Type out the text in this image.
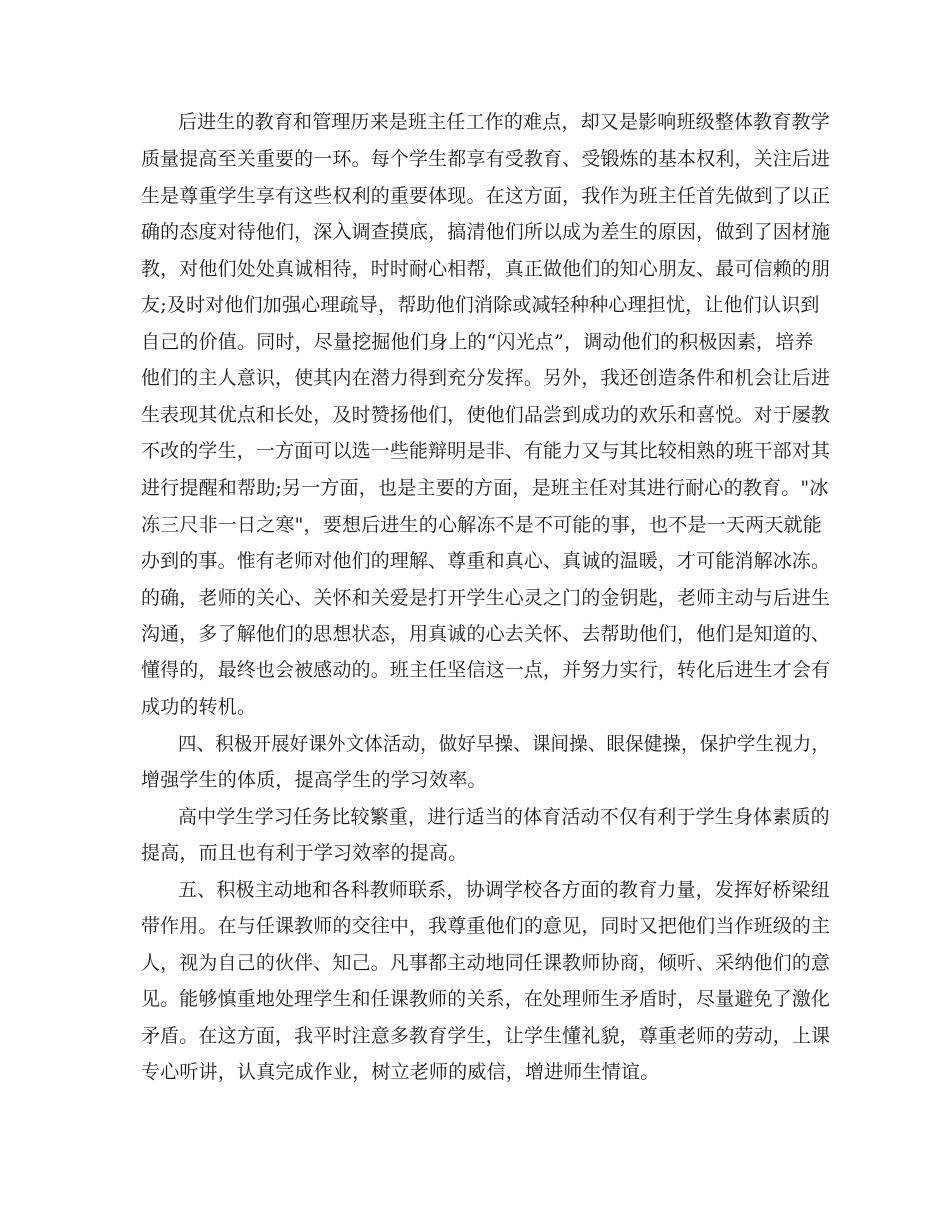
后进生的教育和管理历来是班主任工作的难点，却又是影响班级整体教育教学
质量提高至关重要的一环。每个学生都享有受教育、受锻炼的基本权利，关注后进
生是尊重学生享有这些权利的重要体现。在这方面，我作为班主任首先做到了以正
确的态度对待他们，深入调查摸底，搞清他们所以成为差生的原因，做到了因材施
教，对他们处处真诚相待，时时耐心相帮，真正做他们的知心朋友、最可信赖的朋
友;及时对他们加强心理疏导，帮助他们消除或减轻种种心理担忧，让他们认识到
自己的价值。同时，尽量挖掘他们身上的“闪光点”，调动他们的积极因素，培养
他们的主人意识，使其内在潜力得到充分发挥。另外，我还创造条件和机会让后进
生表现其优点和长处，及时赞扬他们，使他们品尝到成功的欢乐和喜悦。对于屡教
不改的学生，一方面可以选一些能辩明是非、有能力又与其比较相熟的班干部对其
进行提醒和帮助;另一方面，也是主要的方面，是班主任对其进行耐心的教育。"冰
冻三尺非一日之寒"，要想后进生的心解冻不是不可能的事，也不是一天两天就能
办到的事。惟有老师对他们的理解、尊重和真心、真诚的温暖，才可能消解冰冻。
的确，老师的关心、关怀和关爱是打开学生心灵之门的金钥匙，老师主动与后进生
沟通，多了解他们的思想状态，用真诚的心去关怀、去帮助他们，他们是知道的、
懂得的，最终也会被感动的。班主任坚信这一点，并努力实行，转化后进生才会有
成功的转机。
四、积极开展好课外文体活动，做好早操、课间操、眼保健操，保护学生视力，
增强学生的体质，提高学生的学习效率。
高中学生学习任务比较繁重，进行适当的体育活动不仅有利于学生身体素质的
提高，而且也有利于学习效率的提高。
五、积极主动地和各科教师联系，协调学校各方面的教育力量，发挥好桥梁纽
带作用。在与任课教师的交往中，我尊重他们的意见，同时又把他们当作班级的主
人，视为自己的伙伴、知己。凡事都主动地同任课教师协商，倾听、采纳他们的意
见。能够慎重地处理学生和任课教师的关系，在处理师生矛盾时，尽量避免了激化
矛盾。在这方面，我平时注意多教育学生，让学生懂礼貌，尊重老师的劳动，上课
专心听讲，认真完成作业，树立老师的威信，增进师生情谊。
